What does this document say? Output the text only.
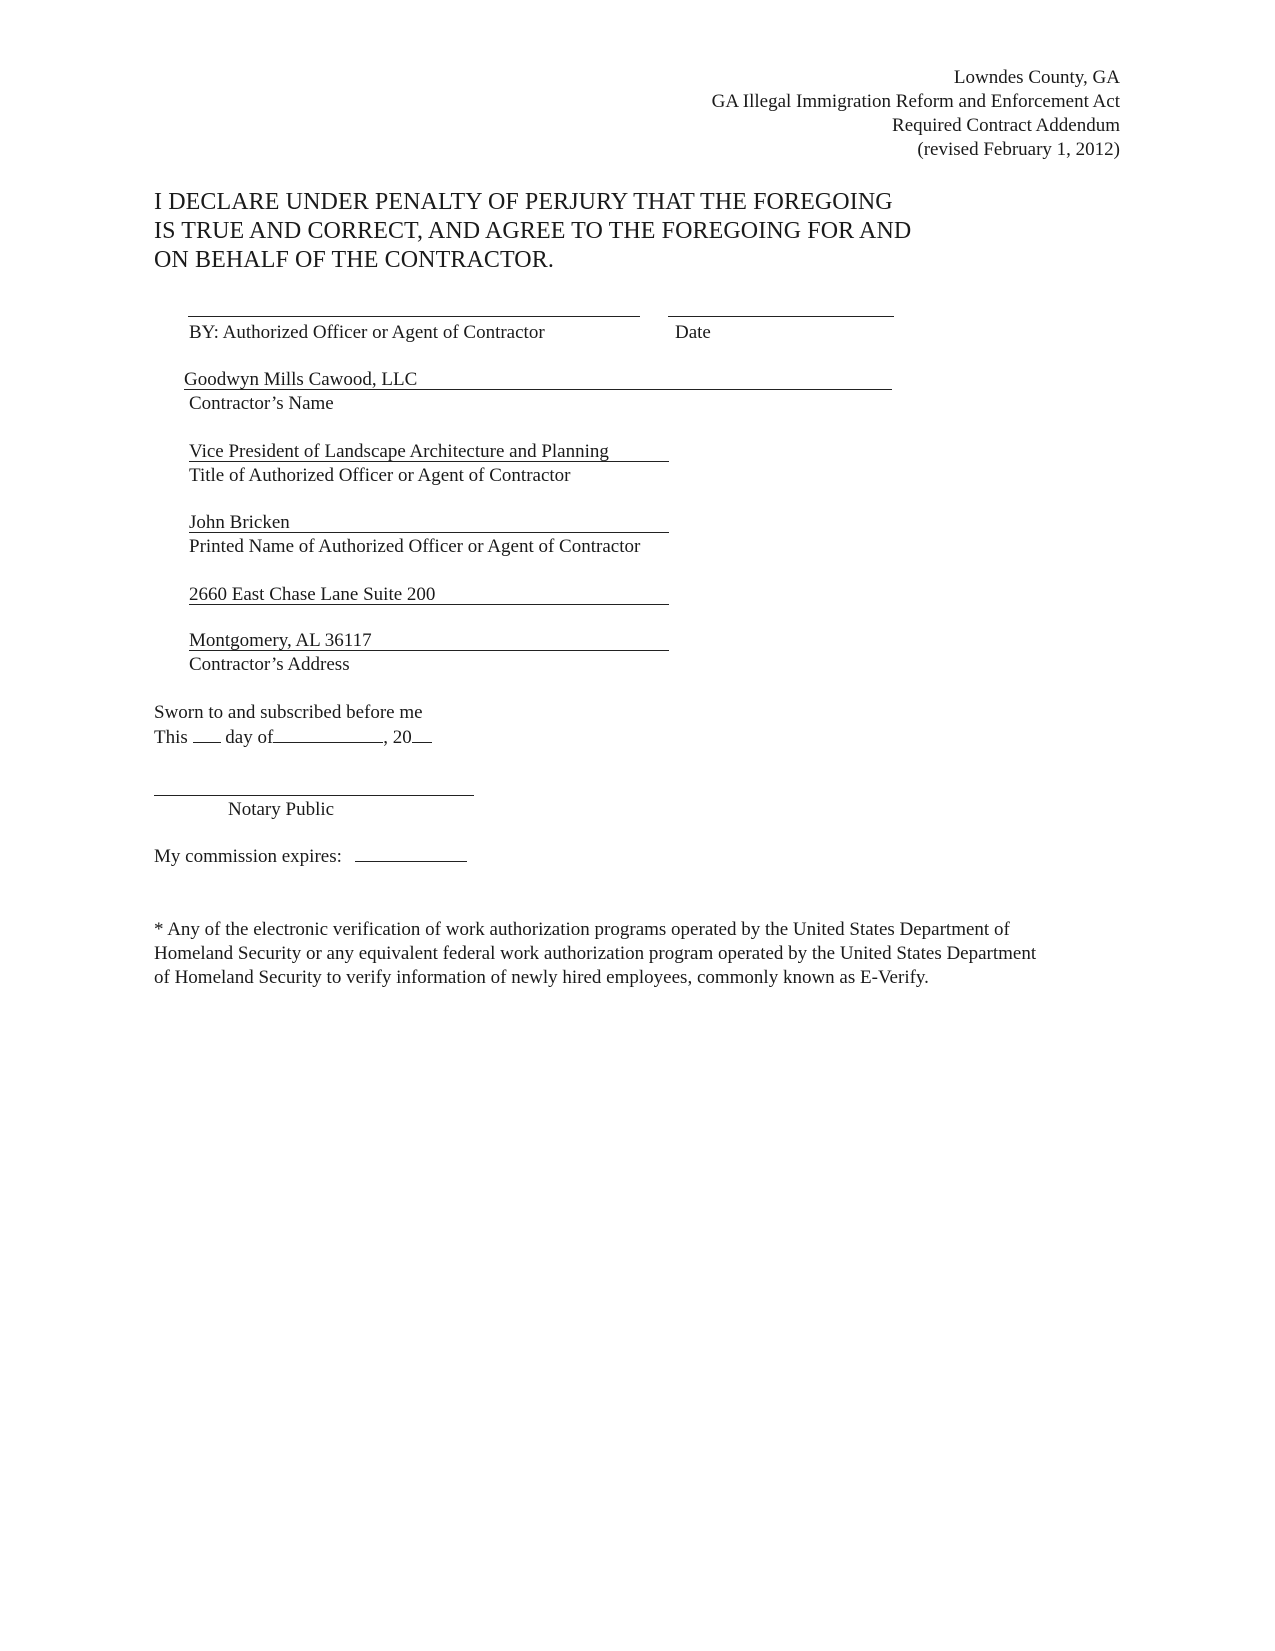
Lowndes County, GA
GA Illegal Immigration Reform and Enforcement Act
Required Contract Addendum
(revised February 1, 2012)
I DECLARE UNDER PENALTY OF PERJURY THAT THE FOREGOING
IS TRUE AND CORRECT, AND AGREE TO THE FOREGOING FOR AND
ON BEHALF OF THE CONTRACTOR.
BY: Authorized Officer or Agent of Contractor	Date
Goodwyn Mills Cawood, LLC
Contractor’s Name
Vice President of Landscape Architecture and Planning
Title of Authorized Officer or Agent of Contractor
John Bricken
Printed Name of Authorized Officer or Agent of Contractor
2660 East Chase Lane Suite 200
Montgomery, AL 36117
Contractor’s Address
Sworn to and subscribed before me
This day of	, 20
Notary Public
My commission expires:
* Any of the electronic verification of work authorization programs operated by the United States Department of
Homeland Security or any equivalent federal work authorization program operated by the United States Department
of Homeland Security to verify information of newly hired employees, commonly known as E-Verify.
